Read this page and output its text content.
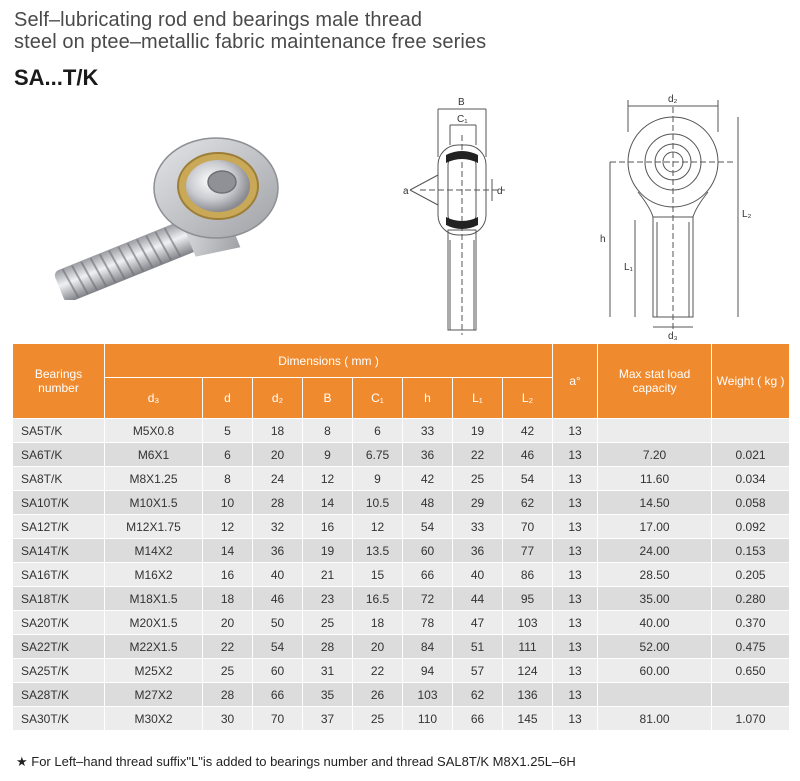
Self–lubricating rod end bearings male thread
steel on ptee–metallic fabric maintenance free series
SA...T/K
B
C₁
a	d
d₂
L₂
h
L₁
d₃
Bearings number	Dimensions ( mm )								a°	Max stat load capacity	Weight ( kg )
	d₃	d	d₂	B	C₁	h	L₁	L₂			
SA5T/K	M5X0.8	5	18	8	6	33	19	42	13		
SA6T/K	M6X1	6	20	9	6.75	36	22	46	13	7.20	0.021
SA8T/K	M8X1.25	8	24	12	9	42	25	54	13	11.60	0.034
SA10T/K	M10X1.5	10	28	14	10.5	48	29	62	13	14.50	0.058
SA12T/K	M12X1.75	12	32	16	12	54	33	70	13	17.00	0.092
SA14T/K	M14X2	14	36	19	13.5	60	36	77	13	24.00	0.153
SA16T/K	M16X2	16	40	21	15	66	40	86	13	28.50	0.205
SA18T/K	M18X1.5	18	46	23	16.5	72	44	95	13	35.00	0.280
SA20T/K	M20X1.5	20	50	25	18	78	47	103	13	40.00	0.370
SA22T/K	M22X1.5	22	54	28	20	84	51	111	13	52.00	0.475
SA25T/K	M25X2	25	60	31	22	94	57	124	13	60.00	0.650
SA28T/K	M27X2	28	66	35	26	103	62	136	13		
SA30T/K	M30X2	30	70	37	25	110	66	145	13	81.00	1.070
★ For Left–hand thread suffix"L"is added to bearings number and thread SAL8T/K M8X1.25L–6H
